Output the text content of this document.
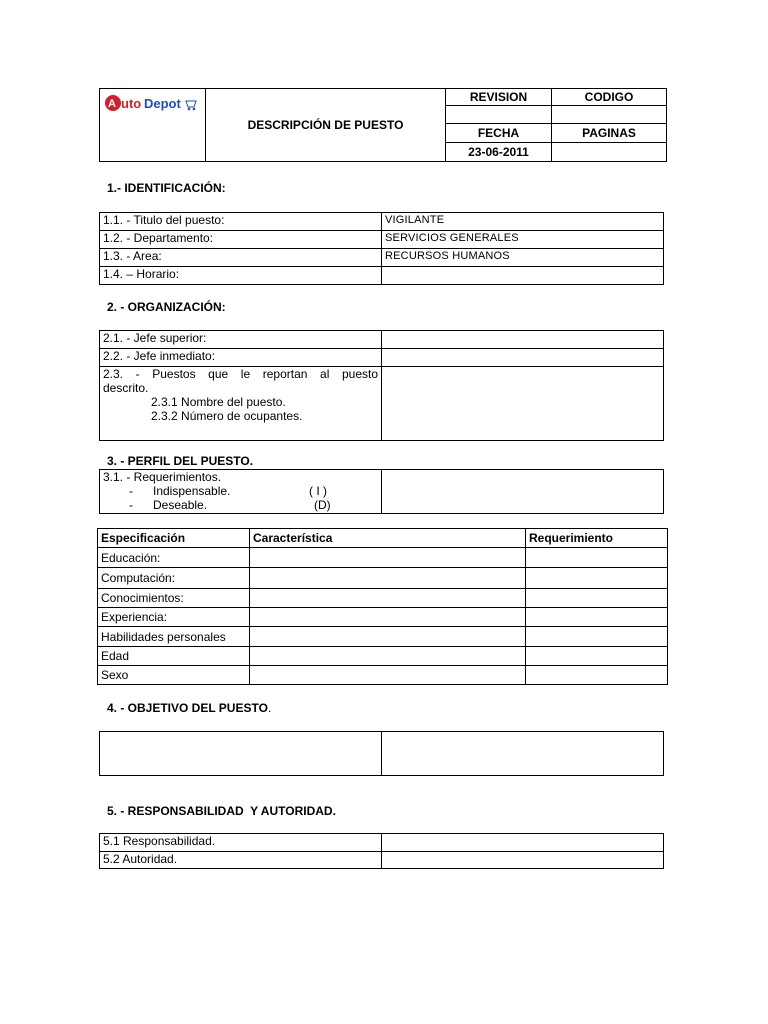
	DESCRIPCIÓN DE PUESTO	REVISION	CODIGO

		FECHA	PAGINAS
		23-06-2011	
A uto Depot
1.- IDENTIFICACIÓN:
1.1. - Titulo del puesto:	VIGILANTE
1.2. - Departamento:	SERVICIOS GENERALES
1.3. - Area:	RECURSOS HUMANOS
1.4. – Horario:	
2. - ORGANIZACIÓN:
2.1. - Jefe superior:	
2.2. - Jefe inmediato:	

2.3. - Puestos que le reportan al puesto
descrito.
2.3.1 Nombre del puesto.
2.3.2 Número de ocupantes.	

3. - PERFIL DEL PUESTO.
3.1. - Requerimientos.
- Indispensable.	( I )
- Deseable.	(D)

Especificación	Característica	Requerimiento
Educación:		
Computación:		
Conocimientos:		
Experiencia:		
Habilidades personales		
Edad		
Sexo		
4. - OBJETIVO DEL PUESTO.

5. - RESPONSABILIDAD  Y AUTORIDAD.
5.1 Responsabilidad.	
5.2 Autoridad.	
